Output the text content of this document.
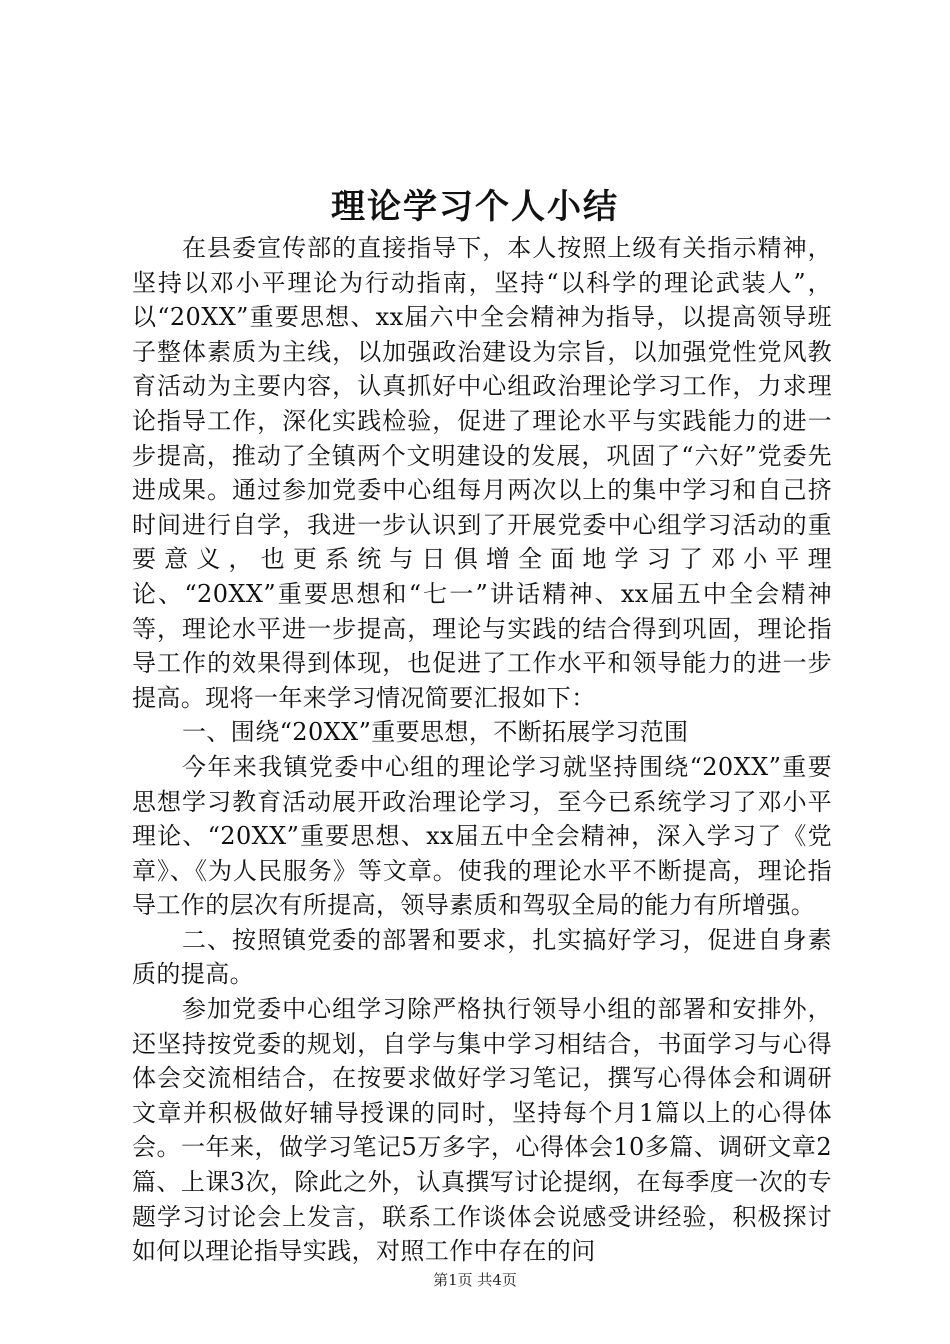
理论学习个人小结

在县委宣传部的直接指导下，本人按照上级有关指示精神，坚持以邓小平理论为行动指南，坚持“以科学的理论武装人”，以“20XX”重要思想、xx届六中全会精神为指导，以提高领导班子整体素质为主线，以加强政治建设为宗旨，以加强党性党风教育活动为主要内容，认真抓好中心组政治理论学习工作，力求理论指导工作，深化实践检验，促进了理论水平与实践能力的进一步提高，推动了全镇两个文明建设的发展，巩固了“六好”党委先进成果。通过参加党委中心组每月两次以上的集中学习和自己挤时间进行自学，我进一步认识到了开展党委中心组学习活动的重要意义，也更系统与日俱增全面地学习了邓小平理论、“20XX”重要思想和“七一”讲话精神、xx届五中全会精神等，理论水平进一步提高，理论与实践的结合得到巩固，理论指导工作的效果得到体现，也促进了工作水平和领导能力的进一步提高。现将一年来学习情况简要汇报如下：

一、围绕“20XX”重要思想，不断拓展学习范围

今年来我镇党委中心组的理论学习就坚持围绕“20XX”重要思想学习教育活动展开政治理论学习，至今已系统学习了邓小平理论、“20XX”重要思想、xx届五中全会精神，深入学习了《党章》、《为人民服务》等文章。使我的理论水平不断提高，理论指导工作的层次有所提高，领导素质和驾驭全局的能力有所增强。

二、按照镇党委的部署和要求，扎实搞好学习，促进自身素质的提高。

参加党委中心组学习除严格执行领导小组的部署和安排外，还坚持按党委的规划，自学与集中学习相结合，书面学习与心得体会交流相结合，在按要求做好学习笔记，撰写心得体会和调研文章并积极做好辅导授课的同时，坚持每个月1篇以上的心得体会。一年来，做学习笔记5万多字，心得体会10多篇、调研文章2篇、上课3次，除此之外，认真撰写讨论提纲，在每季度一次的专题学习讨论会上发言，联系工作谈体会说感受讲经验，积极探讨如何以理论指导实践，对照工作中存在的问

第1页 共4页
